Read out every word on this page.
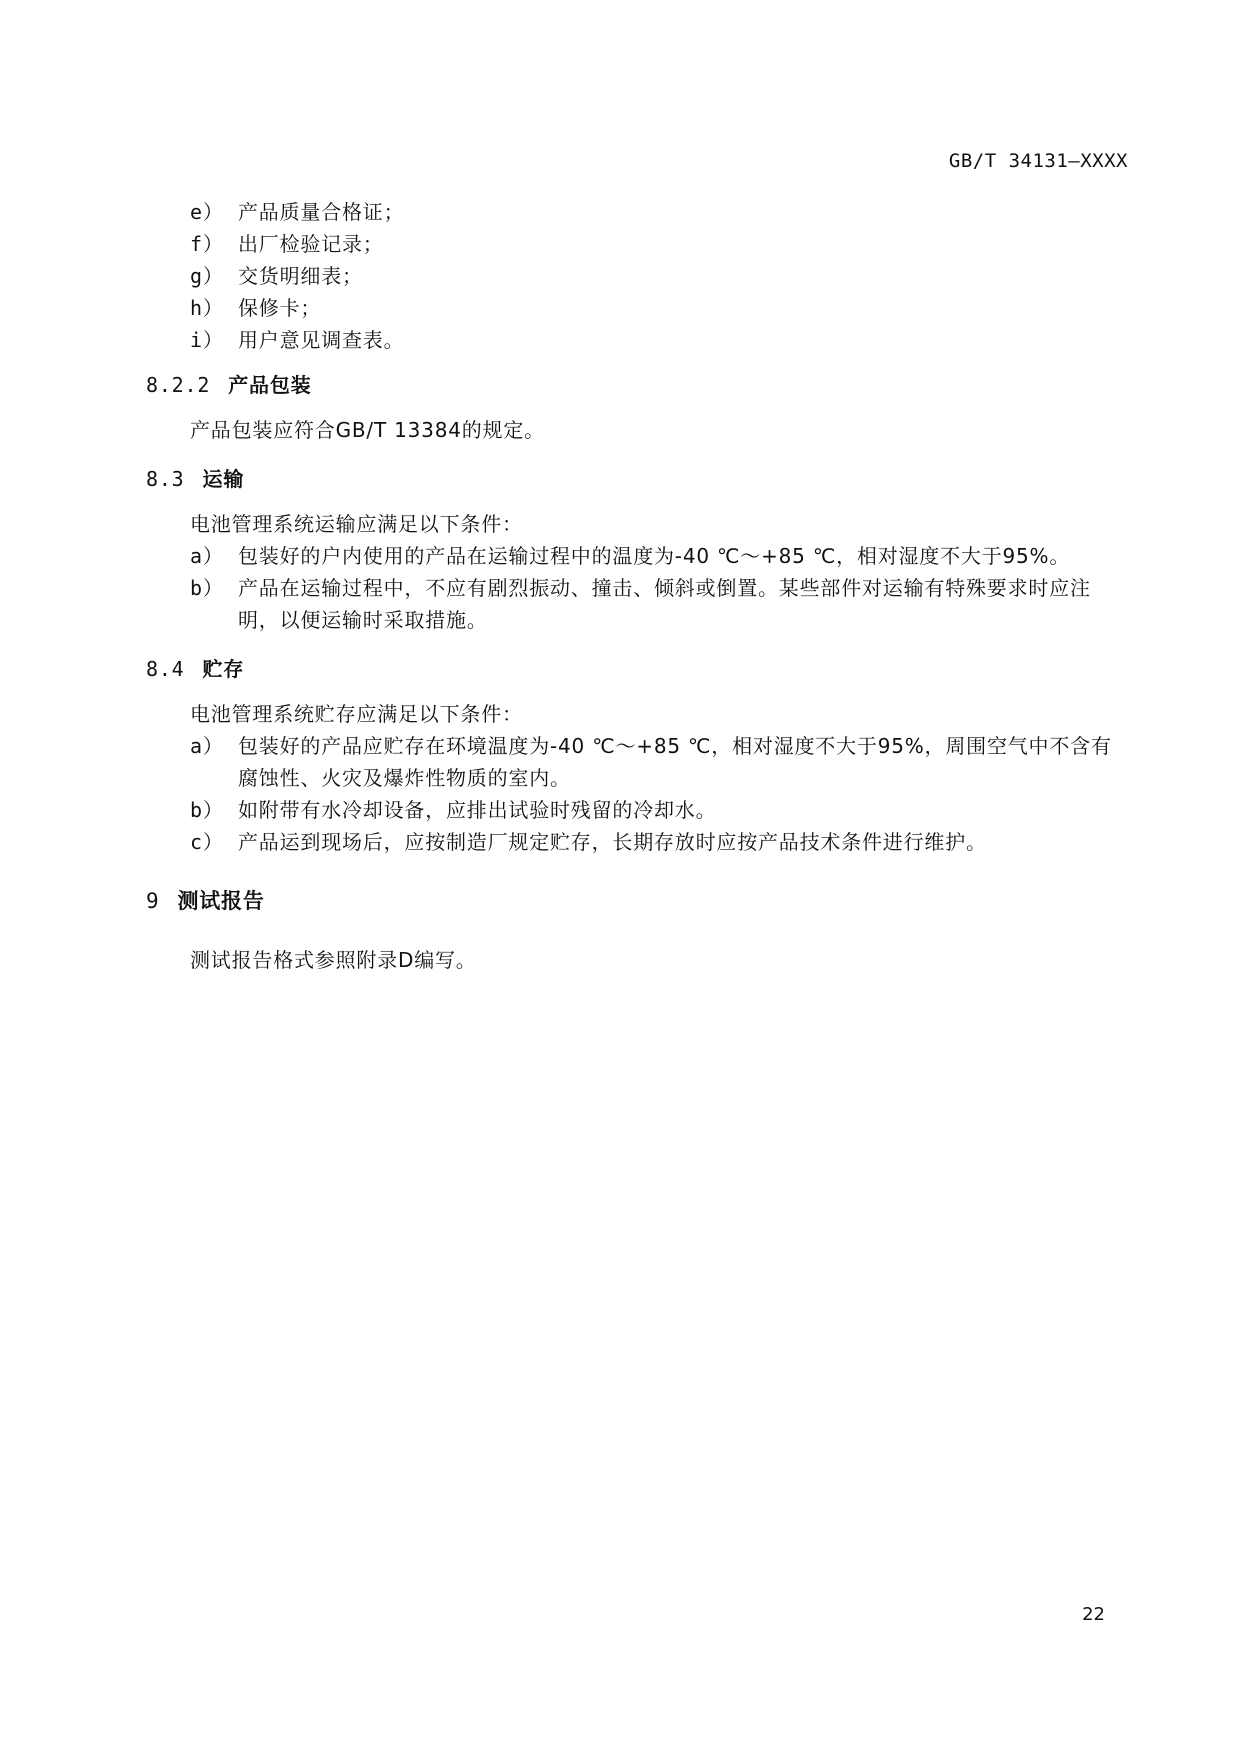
GB/T 34131—XXXX
e） 产品质量合格证；
f） 出厂检验记录；
g） 交货明细表；
h） 保修卡；
i） 用户意见调查表。
8.2.2 产品包装
产品包装应符合GB/T 13384的规定。
8.3 运输
电池管理系统运输应满足以下条件：
a） 包装好的户内使用的产品在运输过程中的温度为-40 ℃～+85 ℃，相对湿度不大于95%。
b） 产品在运输过程中，不应有剧烈振动、撞击、倾斜或倒置。某些部件对运输有特殊要求时应注明，以便运输时采取措施。
8.4 贮存
电池管理系统贮存应满足以下条件：
a） 包装好的产品应贮存在环境温度为-40 ℃～+85 ℃，相对湿度不大于95%，周围空气中不含有腐蚀性、火灾及爆炸性物质的室内。
b） 如附带有水冷却设备，应排出试验时残留的冷却水。
c） 产品运到现场后，应按制造厂规定贮存，长期存放时应按产品技术条件进行维护。
9 测试报告
测试报告格式参照附录D编写。
22
